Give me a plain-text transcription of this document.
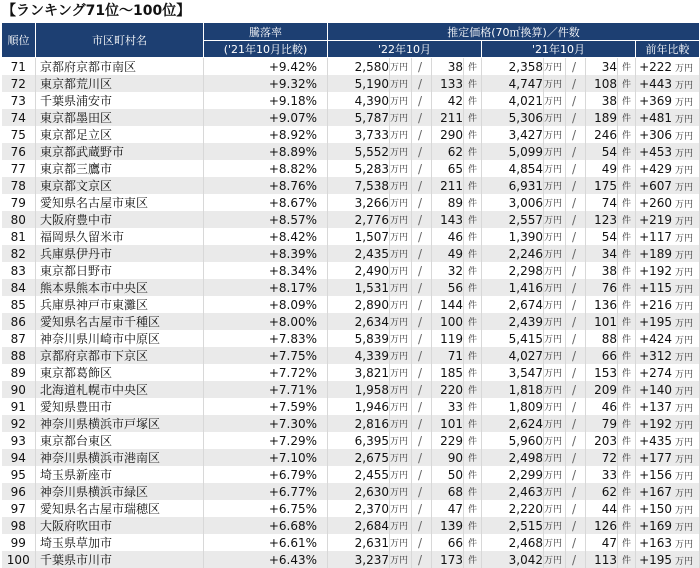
【ランキング71位～100位】
順位	市区町村名	騰落率	推定価格(70㎡換算)／件数										
		('21年10月比較)	'22年10月					'21年10月					前年比較
71	京都府京都市南区	+9.42%	2,580	万円	/	38	件	2,358	万円	/	34	件	+222 万円
72	東京都荒川区	+9.32%	5,190	万円	/	133	件	4,747	万円	/	108	件	+443 万円
73	千葉県浦安市	+9.18%	4,390	万円	/	42	件	4,021	万円	/	38	件	+369 万円
74	東京都墨田区	+9.07%	5,787	万円	/	211	件	5,306	万円	/	189	件	+481 万円
75	東京都足立区	+8.92%	3,733	万円	/	290	件	3,427	万円	/	246	件	+306 万円
76	東京都武蔵野市	+8.89%	5,552	万円	/	62	件	5,099	万円	/	54	件	+453 万円
77	東京都三鷹市	+8.82%	5,283	万円	/	65	件	4,854	万円	/	49	件	+429 万円
78	東京都文京区	+8.76%	7,538	万円	/	211	件	6,931	万円	/	175	件	+607 万円
79	愛知県名古屋市東区	+8.67%	3,266	万円	/	89	件	3,006	万円	/	74	件	+260 万円
80	大阪府豊中市	+8.57%	2,776	万円	/	143	件	2,557	万円	/	123	件	+219 万円
81	福岡県久留米市	+8.42%	1,507	万円	/	46	件	1,390	万円	/	54	件	+117 万円
82	兵庫県伊丹市	+8.39%	2,435	万円	/	49	件	2,246	万円	/	34	件	+189 万円
83	東京都日野市	+8.34%	2,490	万円	/	32	件	2,298	万円	/	38	件	+192 万円
84	熊本県熊本市中央区	+8.17%	1,531	万円	/	56	件	1,416	万円	/	76	件	+115 万円
85	兵庫県神戸市東灘区	+8.09%	2,890	万円	/	144	件	2,674	万円	/	136	件	+216 万円
86	愛知県名古屋市千種区	+8.00%	2,634	万円	/	100	件	2,439	万円	/	101	件	+195 万円
87	神奈川県川崎市中原区	+7.83%	5,839	万円	/	119	件	5,415	万円	/	88	件	+424 万円
88	京都府京都市下京区	+7.75%	4,339	万円	/	71	件	4,027	万円	/	66	件	+312 万円
89	東京都葛飾区	+7.72%	3,821	万円	/	185	件	3,547	万円	/	153	件	+274 万円
90	北海道札幌市中央区	+7.71%	1,958	万円	/	220	件	1,818	万円	/	209	件	+140 万円
91	愛知県豊田市	+7.59%	1,946	万円	/	33	件	1,809	万円	/	46	件	+137 万円
92	神奈川県横浜市戸塚区	+7.30%	2,816	万円	/	101	件	2,624	万円	/	79	件	+192 万円
93	東京都台東区	+7.29%	6,395	万円	/	229	件	5,960	万円	/	203	件	+435 万円
94	神奈川県横浜市港南区	+7.10%	2,675	万円	/	90	件	2,498	万円	/	72	件	+177 万円
95	埼玉県新座市	+6.79%	2,455	万円	/	50	件	2,299	万円	/	33	件	+156 万円
96	神奈川県横浜市緑区	+6.77%	2,630	万円	/	68	件	2,463	万円	/	62	件	+167 万円
97	愛知県名古屋市瑞穂区	+6.75%	2,370	万円	/	47	件	2,220	万円	/	44	件	+150 万円
98	大阪府吹田市	+6.68%	2,684	万円	/	139	件	2,515	万円	/	126	件	+169 万円
99	埼玉県草加市	+6.61%	2,631	万円	/	66	件	2,468	万円	/	47	件	+163 万円
100	千葉県市川市	+6.43%	3,237	万円	/	173	件	3,042	万円	/	113	件	+195 万円
